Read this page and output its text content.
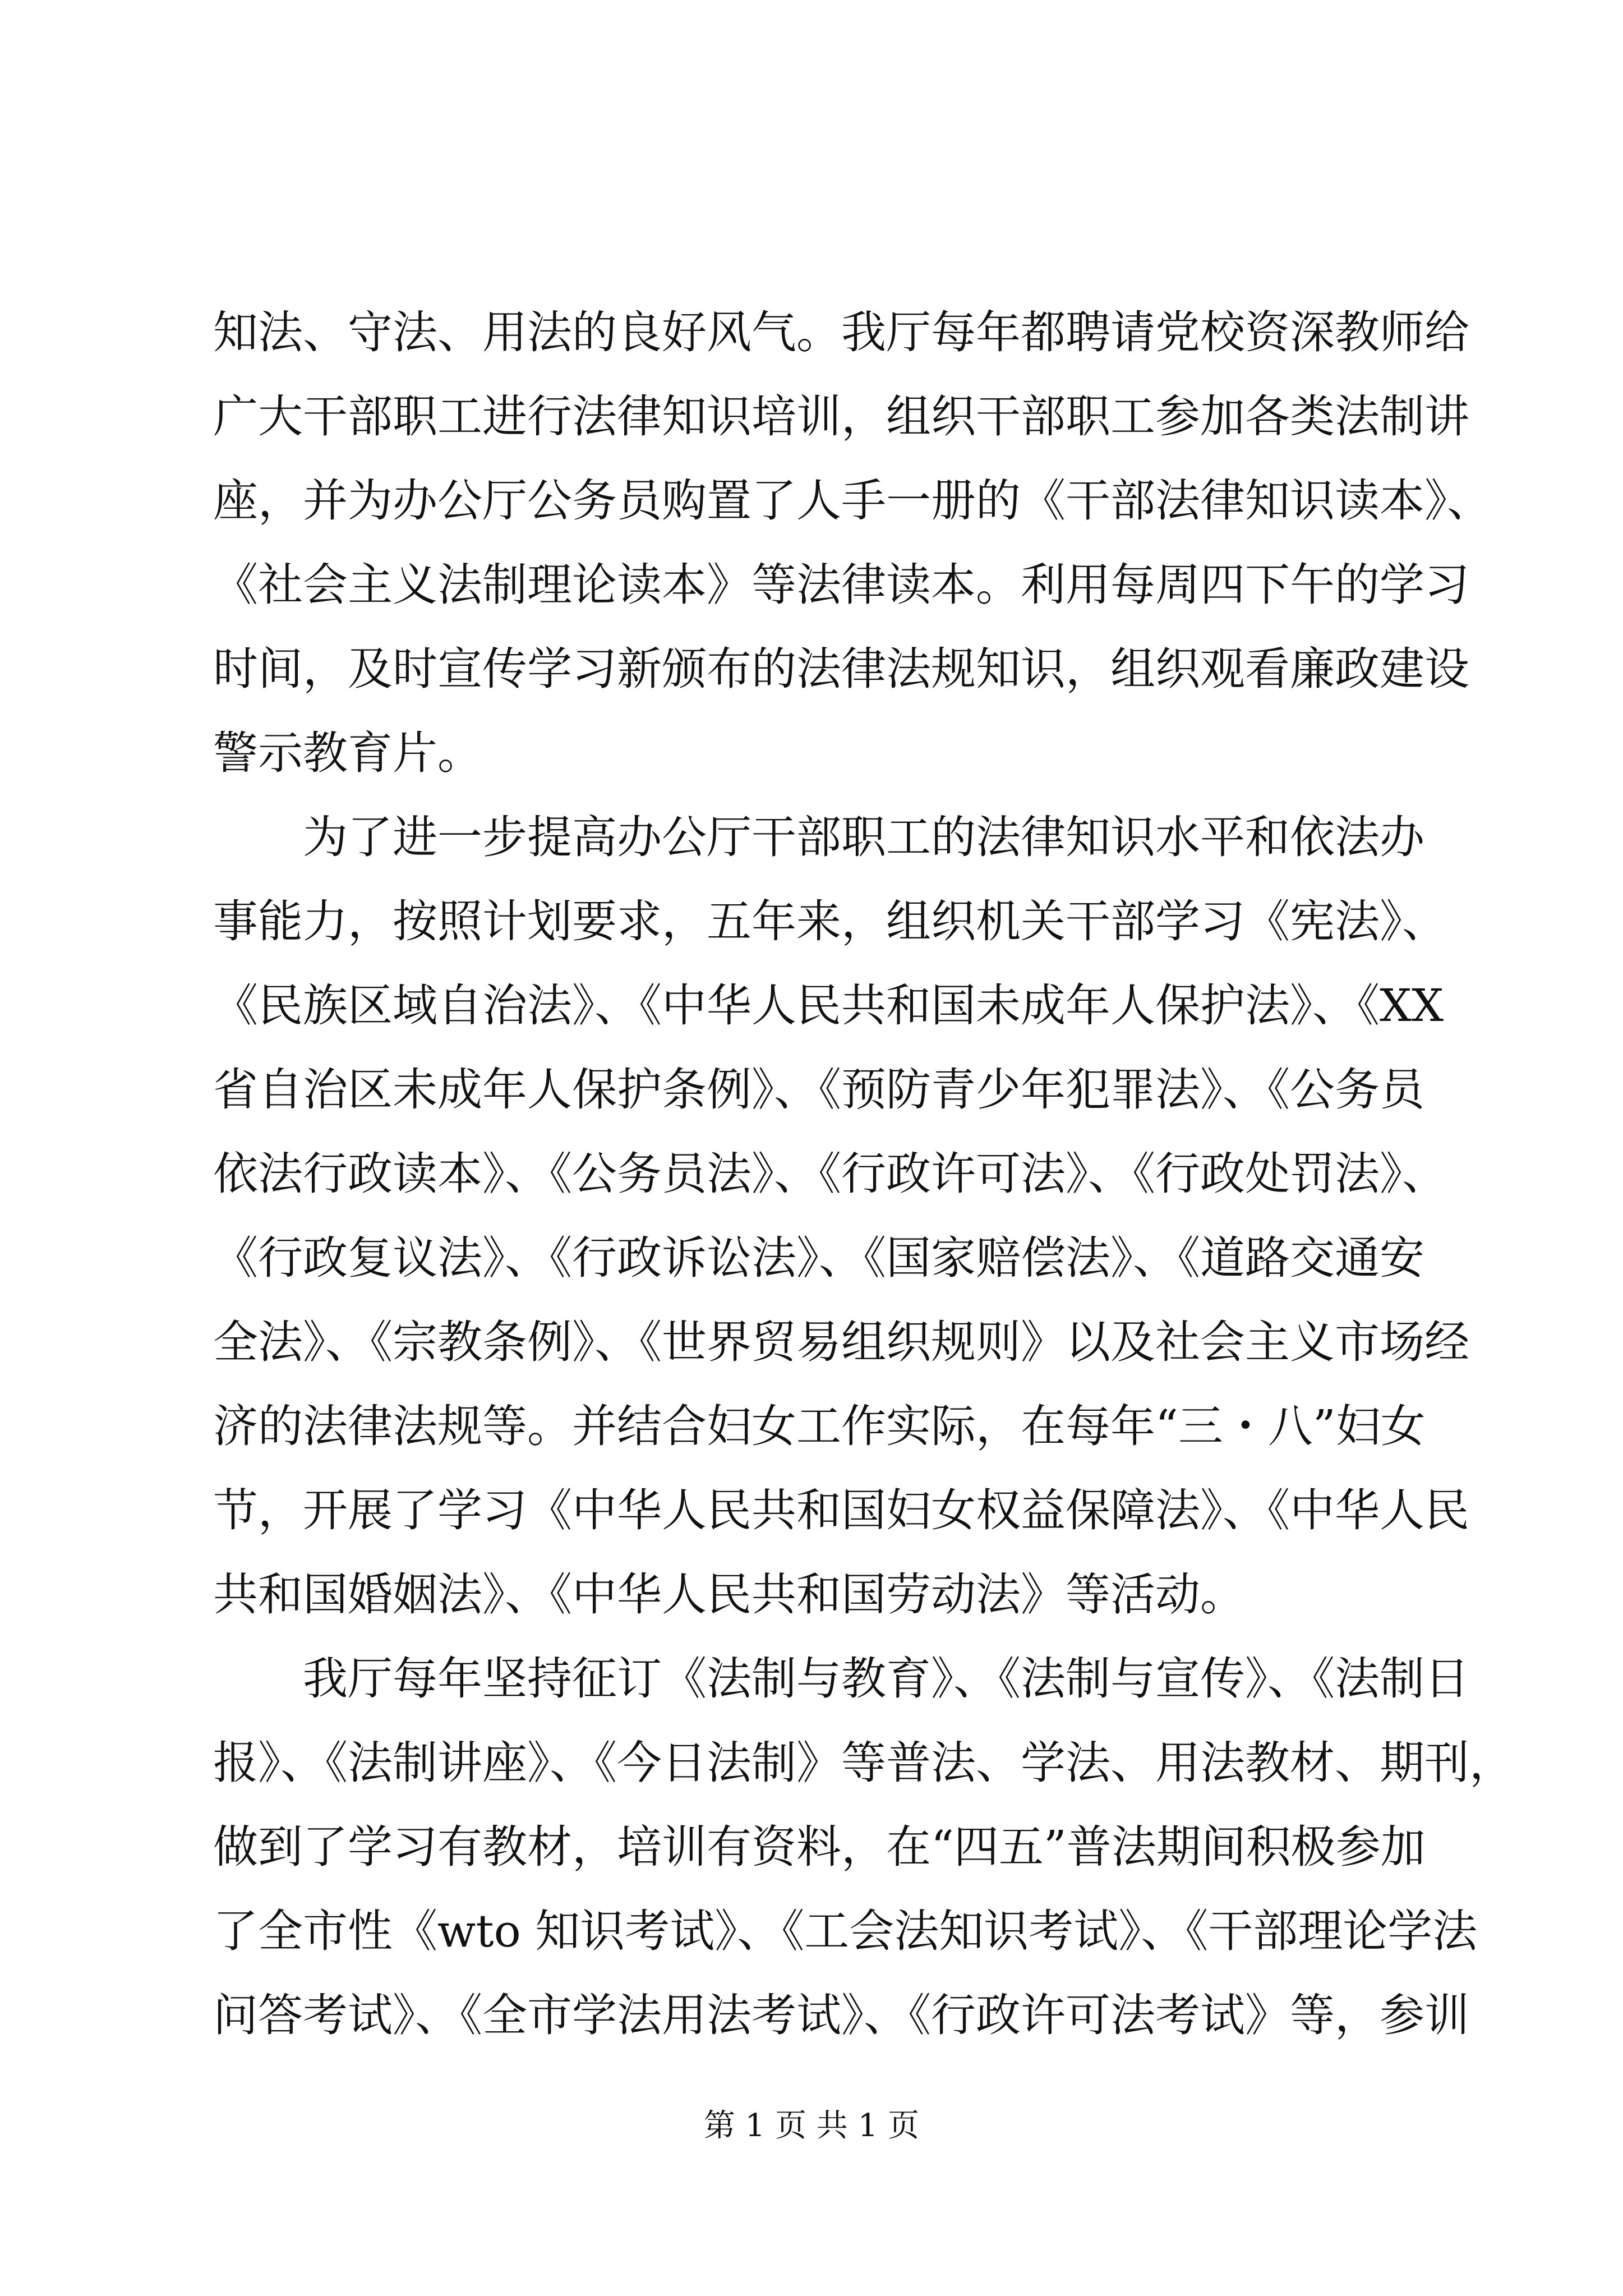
知法、守法、用法的良好风气。我厅每年都聘请党校资深教师给
广大干部职工进行法律知识培训，组织干部职工参加各类法制讲
座，并为办公厅公务员购置了人手一册的《干部法律知识读本》、
《社会主义法制理论读本》等法律读本。利用每周四下午的学习
时间，及时宣传学习新颁布的法律法规知识，组织观看廉政建设
警示教育片。
为了进一步提高办公厅干部职工的法律知识水平和依法办
事能力，按照计划要求，五年来，组织机关干部学习《宪法》、
《民族区域自治法》、《中华人民共和国未成年人保护法》、《XX
省自治区未成年人保护条例》、《预防青少年犯罪法》、《公务员
依法行政读本》、《公务员法》、《行政许可法》、《行政处罚法》、
《行政复议法》、《行政诉讼法》、《国家赔偿法》、《道路交通安
全法》、《宗教条例》、《世界贸易组织规则》以及社会主义市场经
济的法律法规等。并结合妇女工作实际，在每年“三・八”妇女
节，开展了学习《中华人民共和国妇女权益保障法》、《中华人民
共和国婚姻法》、《中华人民共和国劳动法》等活动。
我厅每年坚持征订《法制与教育》、《法制与宣传》、《法制日
报》、《法制讲座》、《今日法制》等普法、学法、用法教材、期刊，
做到了学习有教材，培训有资料，在“四五”普法期间积极参加
了全市性《wto 知识考试》、《工会法知识考试》、《干部理论学法
问答考试》、《全市学法用法考试》、《行政许可法考试》等，参训
第 1 页 共 1 页
